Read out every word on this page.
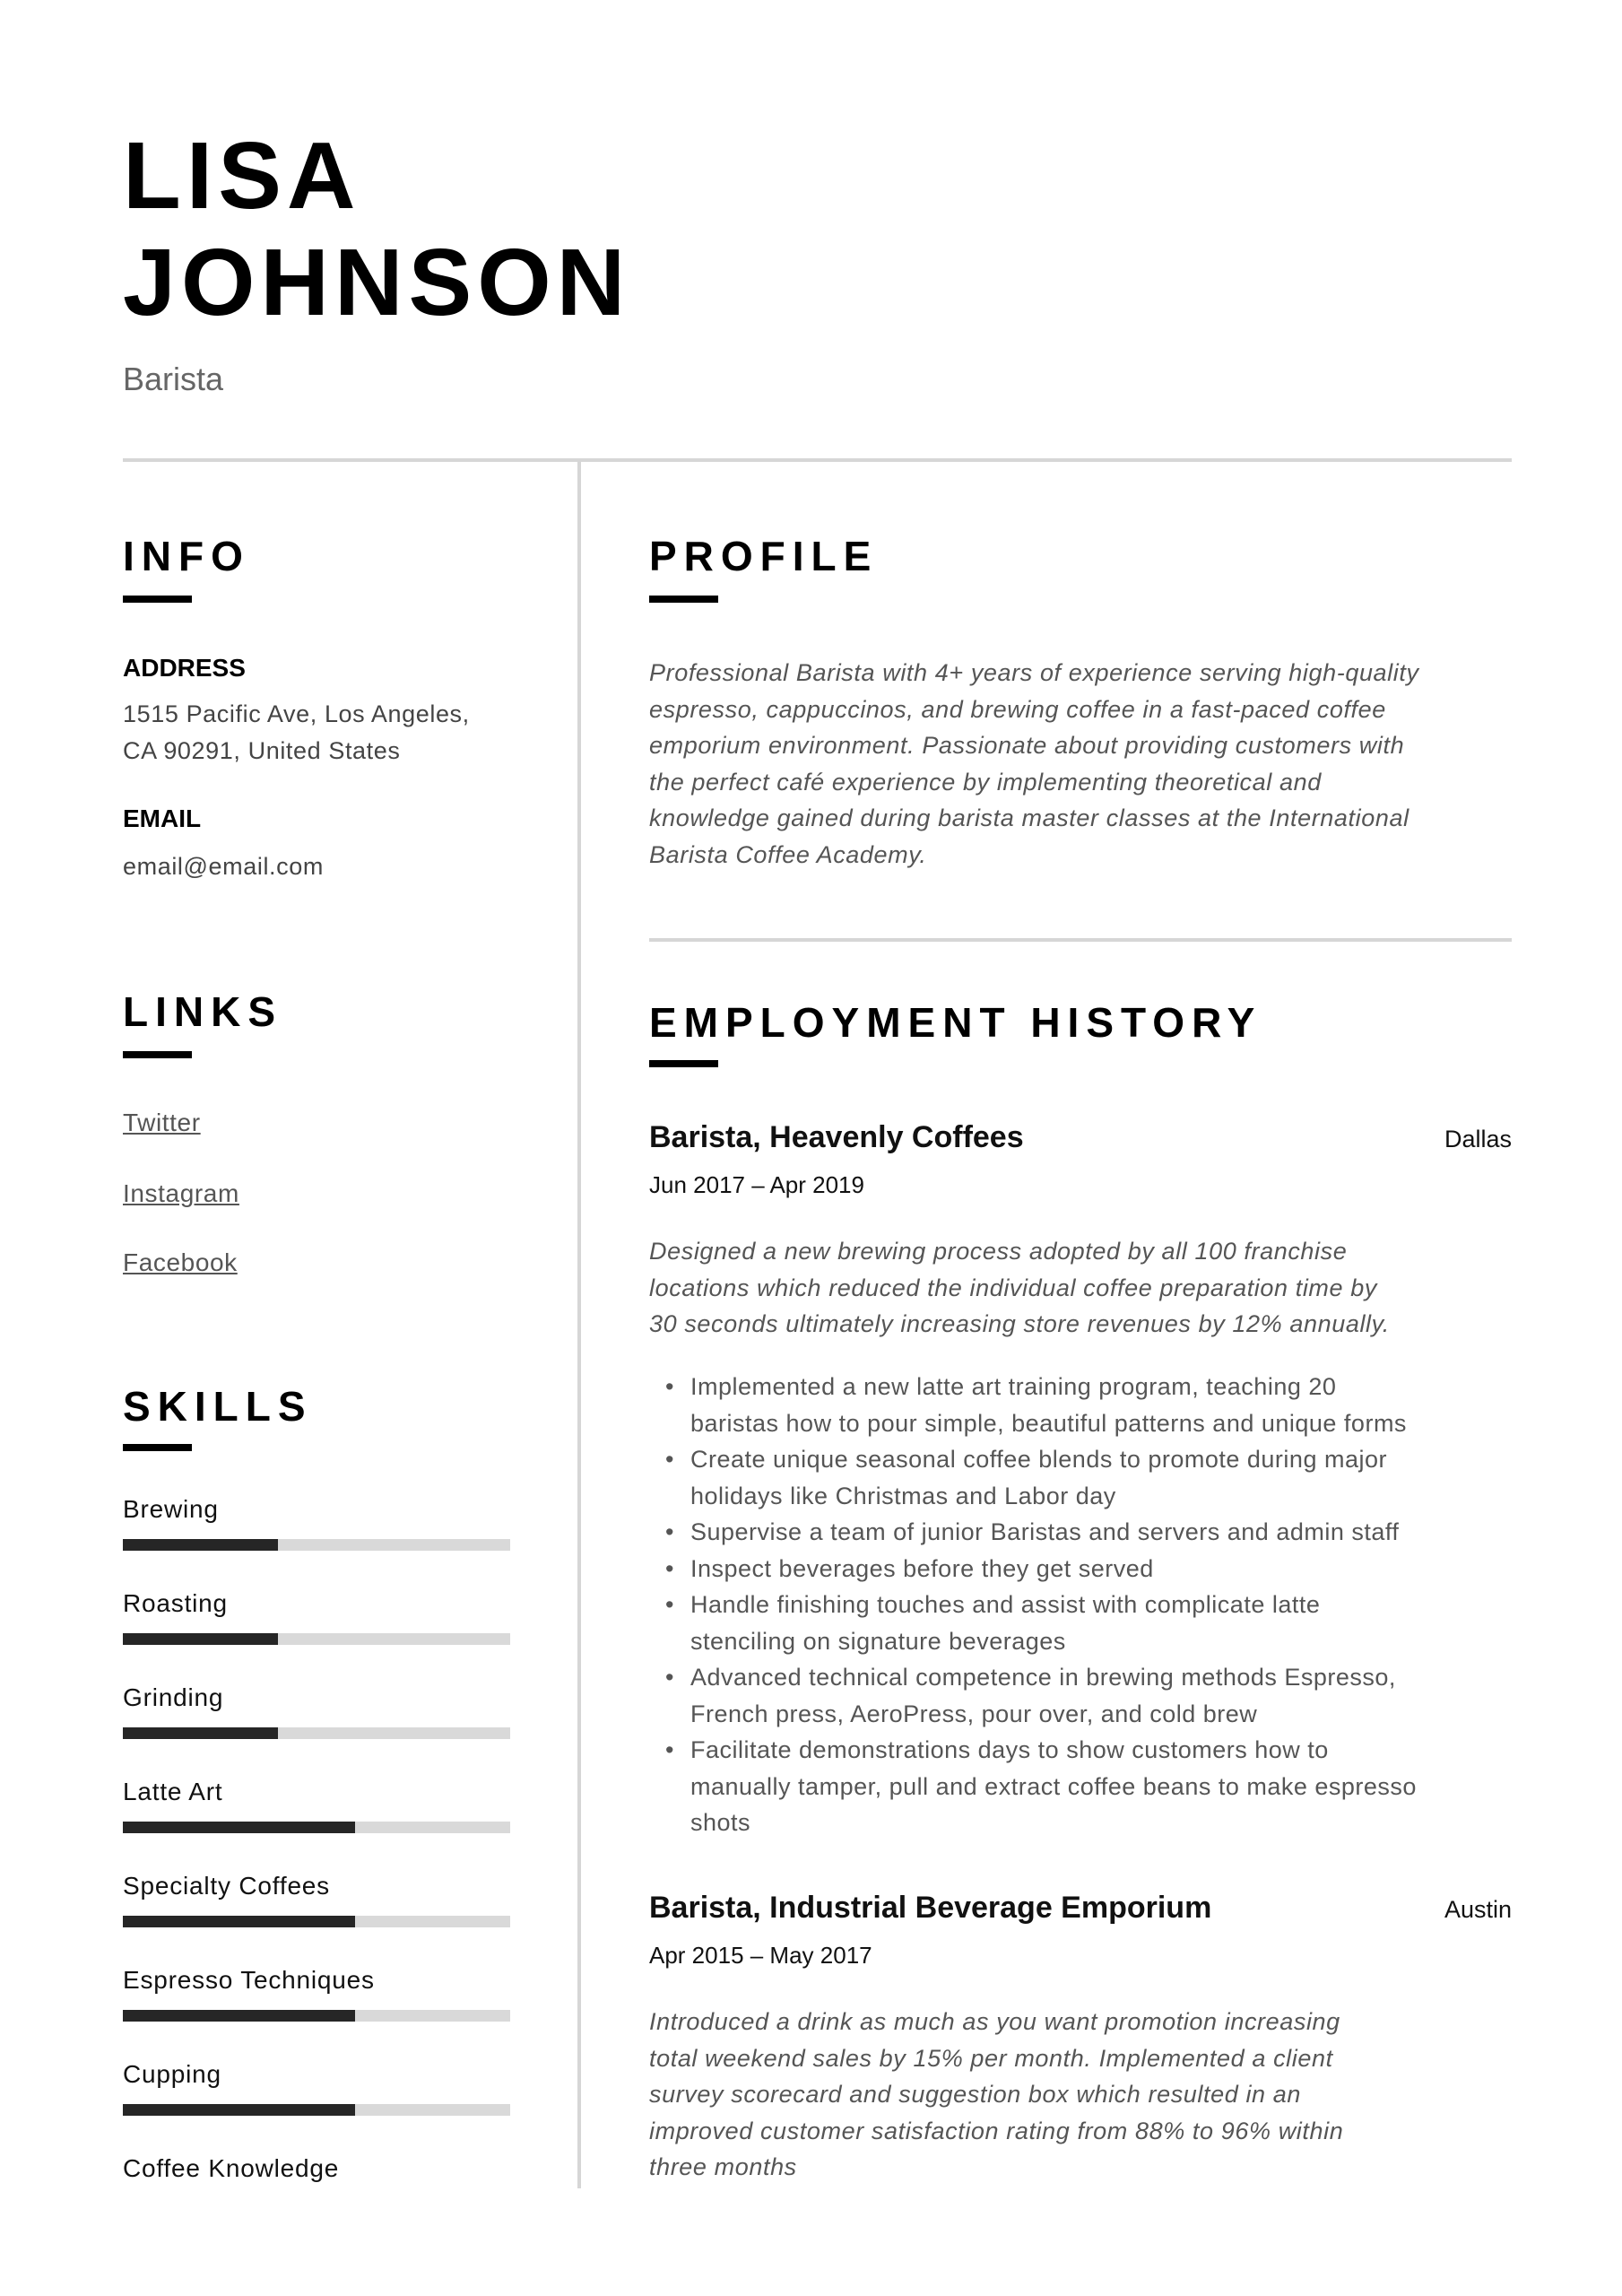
LISA
JOHNSON
Barista
INFO
ADDRESS
1515 Pacific Ave, Los Angeles,
CA 90291, United States
EMAIL
email@email.com
LINKS
Twitter
Instagram
Facebook
SKILLS
Brewing
Roasting
Grinding
Latte Art
Specialty Coffees
Espresso Techniques
Cupping
Coffee Knowledge
PROFILE
Professional Barista with 4+ years of experience serving high-quality
espresso, cappuccinos, and brewing coffee in a fast-paced coffee
emporium environment. Passionate about providing customers with
the perfect café experience by implementing theoretical and
knowledge gained during barista master classes at the International
Barista Coffee Academy.
EMPLOYMENT HISTORY
Barista, Heavenly Coffees	Dallas
Jun 2017 – Apr 2019
Designed a new brewing process adopted by all 100 franchise
locations which reduced the individual coffee preparation time by
30 seconds ultimately increasing store revenues by 12% annually.
• Implemented a new latte art training program, teaching 20
baristas how to pour simple, beautiful patterns and unique forms
• Create unique seasonal coffee blends to promote during major
holidays like Christmas and Labor day
• Supervise a team of junior Baristas and servers and admin staff
• Inspect beverages before they get served
• Handle finishing touches and assist with complicate latte
stenciling on signature beverages
• Advanced technical competence in brewing methods Espresso,
French press, AeroPress, pour over, and cold brew
• Facilitate demonstrations days to show customers how to
manually tamper, pull and extract coffee beans to make espresso
shots
Barista, Industrial Beverage Emporium	Austin
Apr 2015 – May 2017
Introduced a drink as much as you want promotion increasing
total weekend sales by 15% per month. Implemented a client
survey scorecard and suggestion box which resulted in an
improved customer satisfaction rating from 88% to 96% within
three months
